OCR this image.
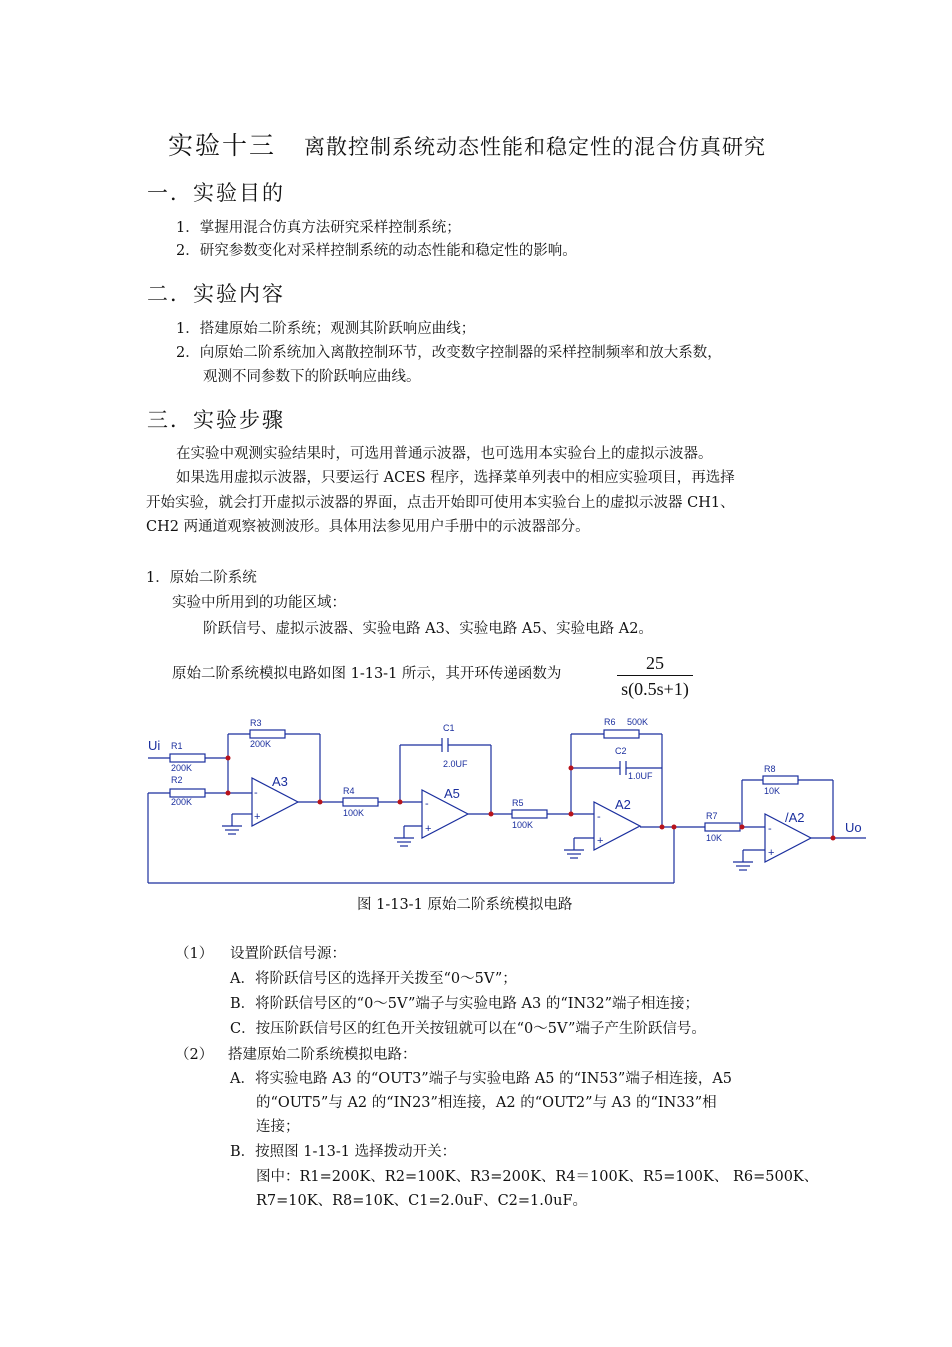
实验十三 离散控制系统动态性能和稳定性的混合仿真研究
一．实验目的
1．掌握用混合仿真方法研究采样控制系统；
2．研究参数变化对采样控制系统的动态性能和稳定性的影响。
二．实验内容
1．搭建原始二阶系统；观测其阶跃响应曲线；
2．向原始二阶系统加入离散控制环节，改变数字控制器的采样控制频率和放大系数，
观测不同参数下的阶跃响应曲线。
三．实验步骤
在实验中观测实验结果时，可选用普通示波器，也可选用本实验台上的虚拟示波器。
如果选用虚拟示波器，只要运行 ACES 程序，选择菜单列表中的相应实验项目，再选择
开始实验，就会打开虚拟示波器的界面，点击开始即可使用本实验台上的虚拟示波器 CH1、
CH2 两通道观察被测波形。具体用法参见用户手册中的示波器部分。
1．原始二阶系统
实验中所用到的功能区域：
阶跃信号、虚拟示波器、实验电路 A3、实验电路 A5、实验电路 A2。
原始二阶系统模拟电路如图 1-13-1 所示，其开环传递函数为
25
s(0.5s+1)
Ui R1
200K
R2
200K
R3
200K
A3
-
+
R4
100K
C1
2.0UF
A5
-
+
R5
100K
R6 500K
C2
1.0UF
A2
-
+
R7
10K
R8
10K
/A2
-
+
Uo
图 1-13-1 原始二阶系统模拟电路
（1） 设置阶跃信号源：
A．将阶跃信号区的选择开关拨至“0～5V”；
B．将阶跃信号区的“0～5V”端子与实验电路 A3 的“IN32”端子相连接；
C．按压阶跃信号区的红色开关按钮就可以在“0～5V”端子产生阶跃信号。
（2） 搭建原始二阶系统模拟电路：
A．将实验电路 A3 的“OUT3”端子与实验电路 A5 的“IN53”端子相连接，A5
的“OUT5”与 A2 的“IN23”相连接，A2 的“OUT2”与 A3 的“IN33”相
连接；
B．按照图 1-13-1 选择拨动开关：
图中：R1=200K、R2=100K、R3=200K、R4＝100K、R5=100K、 R6=500K、
R7=10K、R8=10K、C1=2.0uF、C2=1.0uF。
